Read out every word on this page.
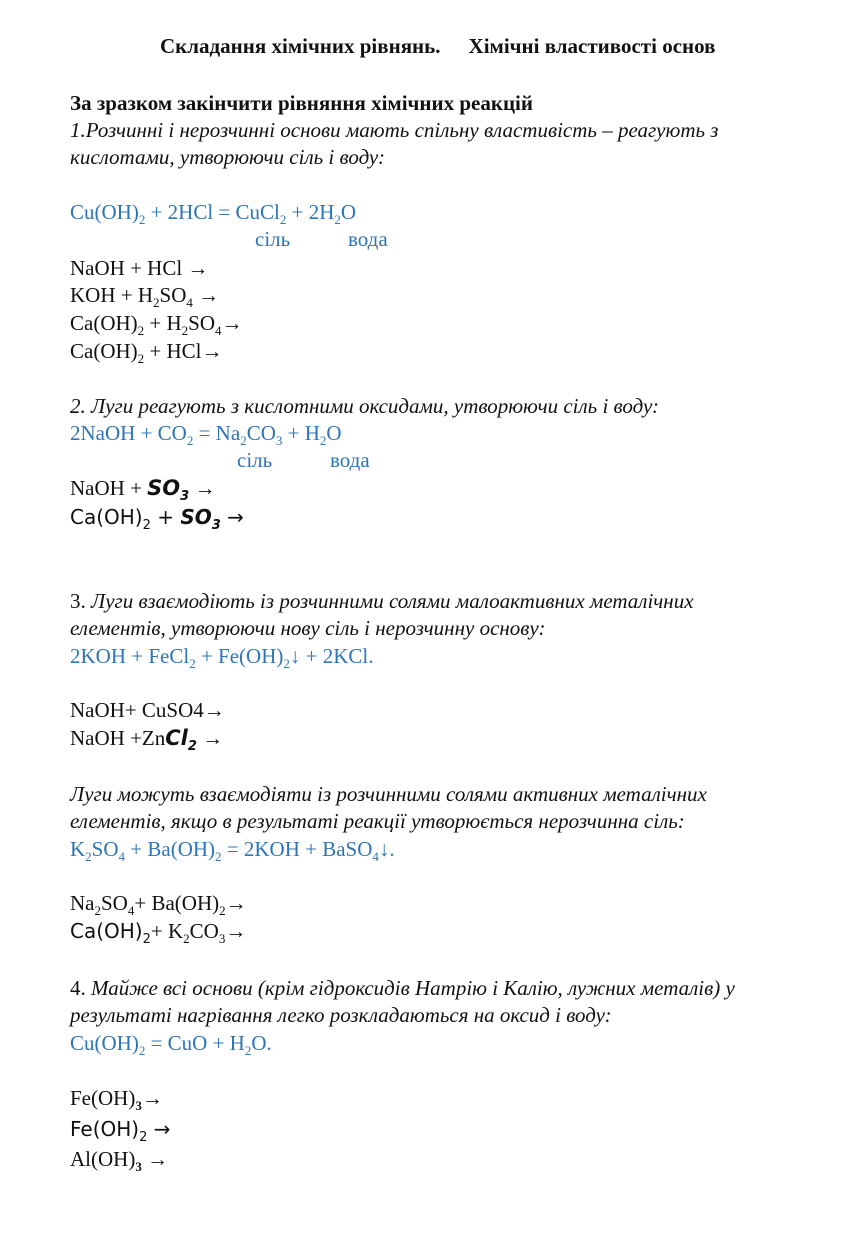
Складання хімічних рівнянь. Хімічні властивості основ
За зразком закінчити рівняння хімічних реакцій
1.Розчинні і нерозчинні основи мають спільну властивість – реагують з
кислотами, утворюючи сіль і воду:
$Cu(OH)_2 + 2HCl$ = CuCl$_2$ + $2H_2O$
сіль	вода
NaOH + HCl →
KOH + $H_2SO_4$ →
$Ca(OH)_2 + H_2SO_4\to$
$Ca(OH)_2 + HCl\to$
2. Луги реагують з кислотними оксидами, утворюючи сіль і воду:
2NaOH + $CO_2 = Na_2CO_3 + H_2O$
сіль	вода
NaOH + $SO_3$ →
$Ca(OH)_2 + SO_3$ →
3. Луги взаємодіють із розчинними солями малоактивних металічних
елементів, утворюючи нову сіль і нерозчинну основу:
2KOH + FeCl$_2$ + $Fe(OH)_2↓ + 2KCl$.
NaOH+ CuSO4→
NaOH +ZnCl$_2$ →
Луги можуть взаємодіяти із розчинними солями активних металічних
елементів, якщо в результаті реакції утворюється нерозчинна сіль:
$K_2SO_4 + Ba(OH)_2 = 2KOH$ + BaSO$_4$↓.
$Na_2SO_4+ Ba(OH)_2\to$
$Ca(OH)_2+ K_2CO_3\to$
4. Майже всі основи (крім гідроксидів Натрію і Калію, лужних металів) у
результаті нагрівання легко розкладаються на оксид і воду:
$Cu(OH)_2$ = CuO + $H_2O$.
$Fe(OH)_3\to$
$Fe(OH)_2$ →
$Al(OH)_3$ →
